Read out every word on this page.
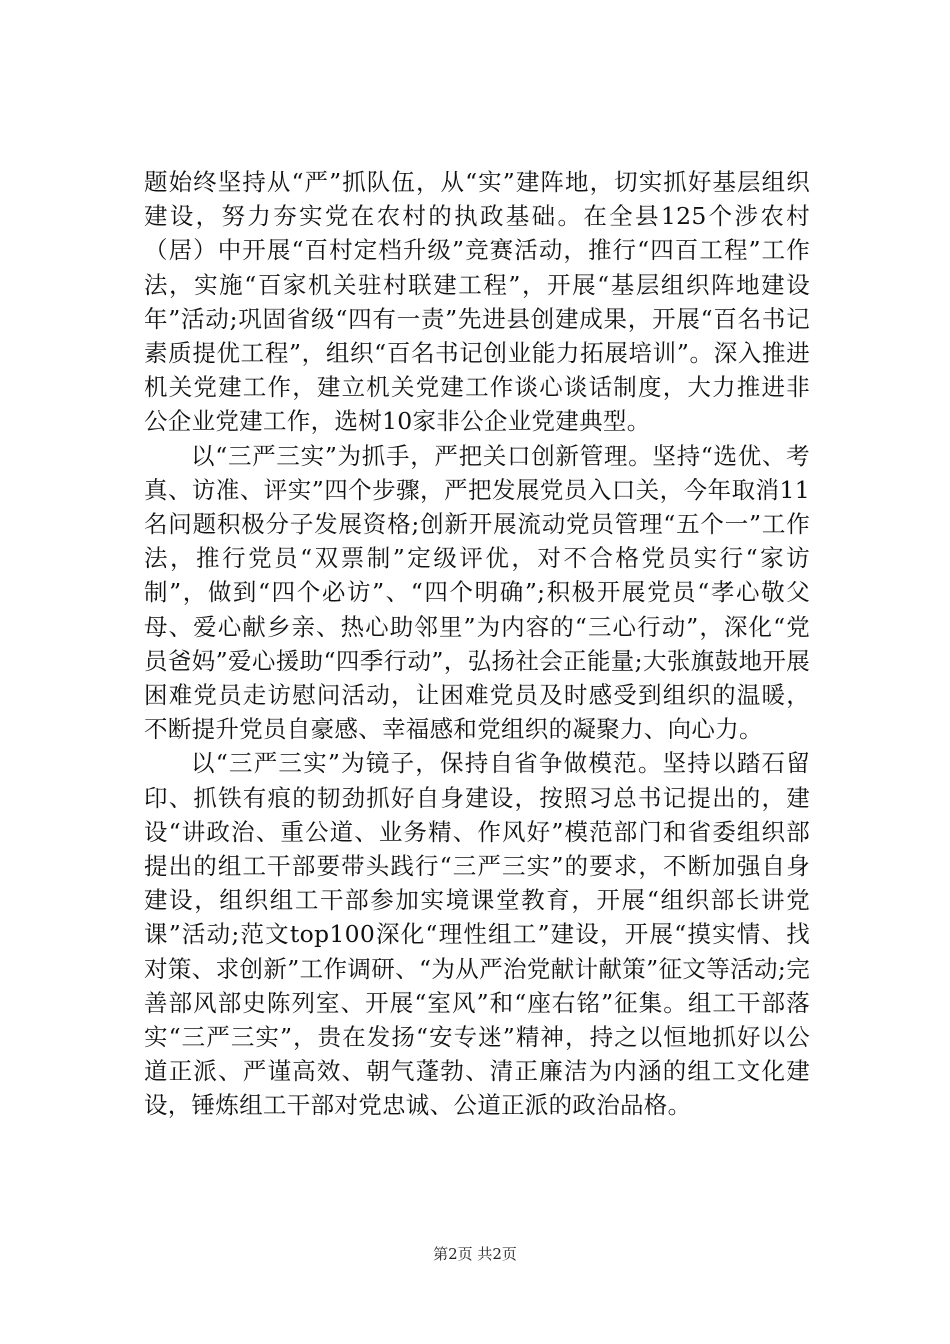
题始终坚持从“严”抓队伍，从“实”建阵地，切实抓好基层组织建设，努力夯实党在农村的执政基础。在全县125个涉农村（居）中开展“百村定档升级”竞赛活动，推行“四百工程”工作法，实施“百家机关驻村联建工程”，开展“基层组织阵地建设年”活动;巩固省级“四有一责”先进县创建成果，开展“百名书记素质提优工程”，组织“百名书记创业能力拓展培训”。深入推进机关党建工作，建立机关党建工作谈心谈话制度，大力推进非公企业党建工作，选树10家非公企业党建典型。

以“三严三实”为抓手，严把关口创新管理。坚持“选优、考真、访准、评实”四个步骤，严把发展党员入口关，今年取消11名问题积极分子发展资格;创新开展流动党员管理“五个一”工作法，推行党员“双票制”定级评优，对不合格党员实行“家访制”，做到“四个必访”、“四个明确”;积极开展党员“孝心敬父母、爱心献乡亲、热心助邻里”为内容的“三心行动”，深化“党员爸妈”爱心援助“四季行动”，弘扬社会正能量;大张旗鼓地开展困难党员走访慰问活动，让困难党员及时感受到组织的温暖，不断提升党员自豪感、幸福感和党组织的凝聚力、向心力。

以“三严三实”为镜子，保持自省争做模范。坚持以踏石留印、抓铁有痕的韧劲抓好自身建设，按照习总书记提出的，建设“讲政治、重公道、业务精、作风好”模范部门和省委组织部提出的组工干部要带头践行“三严三实”的要求，不断加强自身建设，组织组工干部参加实境课堂教育，开展“组织部长讲党课”活动;范文top100深化“理性组工”建设，开展“摸实情、找对策、求创新”工作调研、“为从严治党献计献策”征文等活动;完善部风部史陈列室、开展“室风”和“座右铭”征集。组工干部落实“三严三实”，贵在发扬“安专迷”精神，持之以恒地抓好以公道正派、严谨高效、朝气蓬勃、清正廉洁为内涵的组工文化建设，锤炼组工干部对党忠诚、公道正派的政治品格。

第2页 共2页
